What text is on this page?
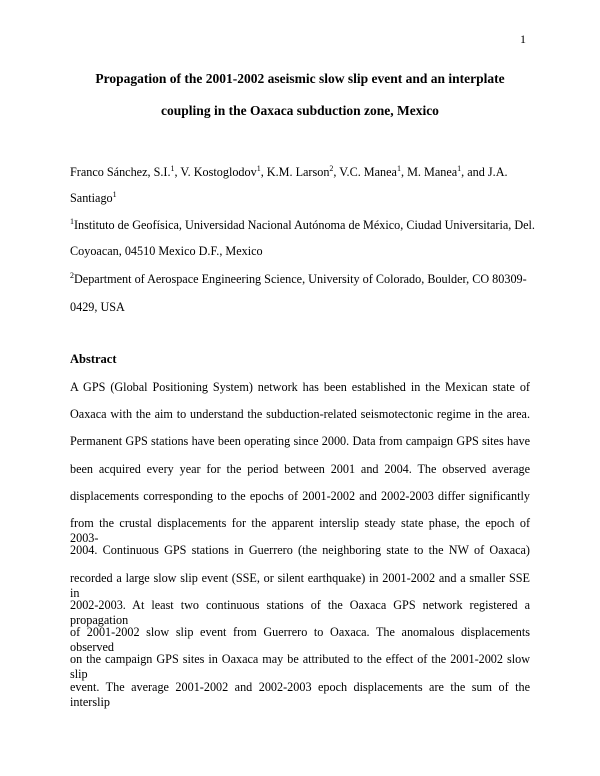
1
Propagation of the 2001-2002 aseismic slow slip event and an interplate
coupling in the Oaxaca subduction zone, Mexico
Franco Sánchez, S.I.$^1$, V. Kostoglodov$^1$, K.M. Larson$^2$, V.C. Manea$^1$, M. Manea$^1$, and J.A.
Santiago$^1$
$^1$Instituto de Geofísica, Universidad Nacional Autónoma de México, Ciudad Universitaria, Del.
Coyoacan, 04510 Mexico D.F., Mexico
$^2$Department of Aerospace Engineering Science, University of Colorado, Boulder, CO 80309-
0429, USA
Abstract
A GPS (Global Positioning System) network has been established in the Mexican state of
Oaxaca with the aim to understand the subduction-related seismotectonic regime in the area.
Permanent GPS stations have been operating since 2000. Data from campaign GPS sites have
been acquired every year for the period between 2001 and 2004. The observed average
displacements corresponding to the epochs of 2001-2002 and 2002-2003 differ significantly
from the crustal displacements for the apparent interslip steady state phase, the epoch of 2003-
2004. Continuous GPS stations in Guerrero (the neighboring state to the NW of Oaxaca)
recorded a large slow slip event (SSE, or silent earthquake) in 2001-2002 and a smaller SSE in
2002-2003. At least two continuous stations of the Oaxaca GPS network registered a propagation
of 2001-2002 slow slip event from Guerrero to Oaxaca. The anomalous displacements observed
on the campaign GPS sites in Oaxaca may be attributed to the effect of the 2001-2002 slow slip
event. The average 2001-2002 and 2002-2003 epoch displacements are the sum of the interslip
